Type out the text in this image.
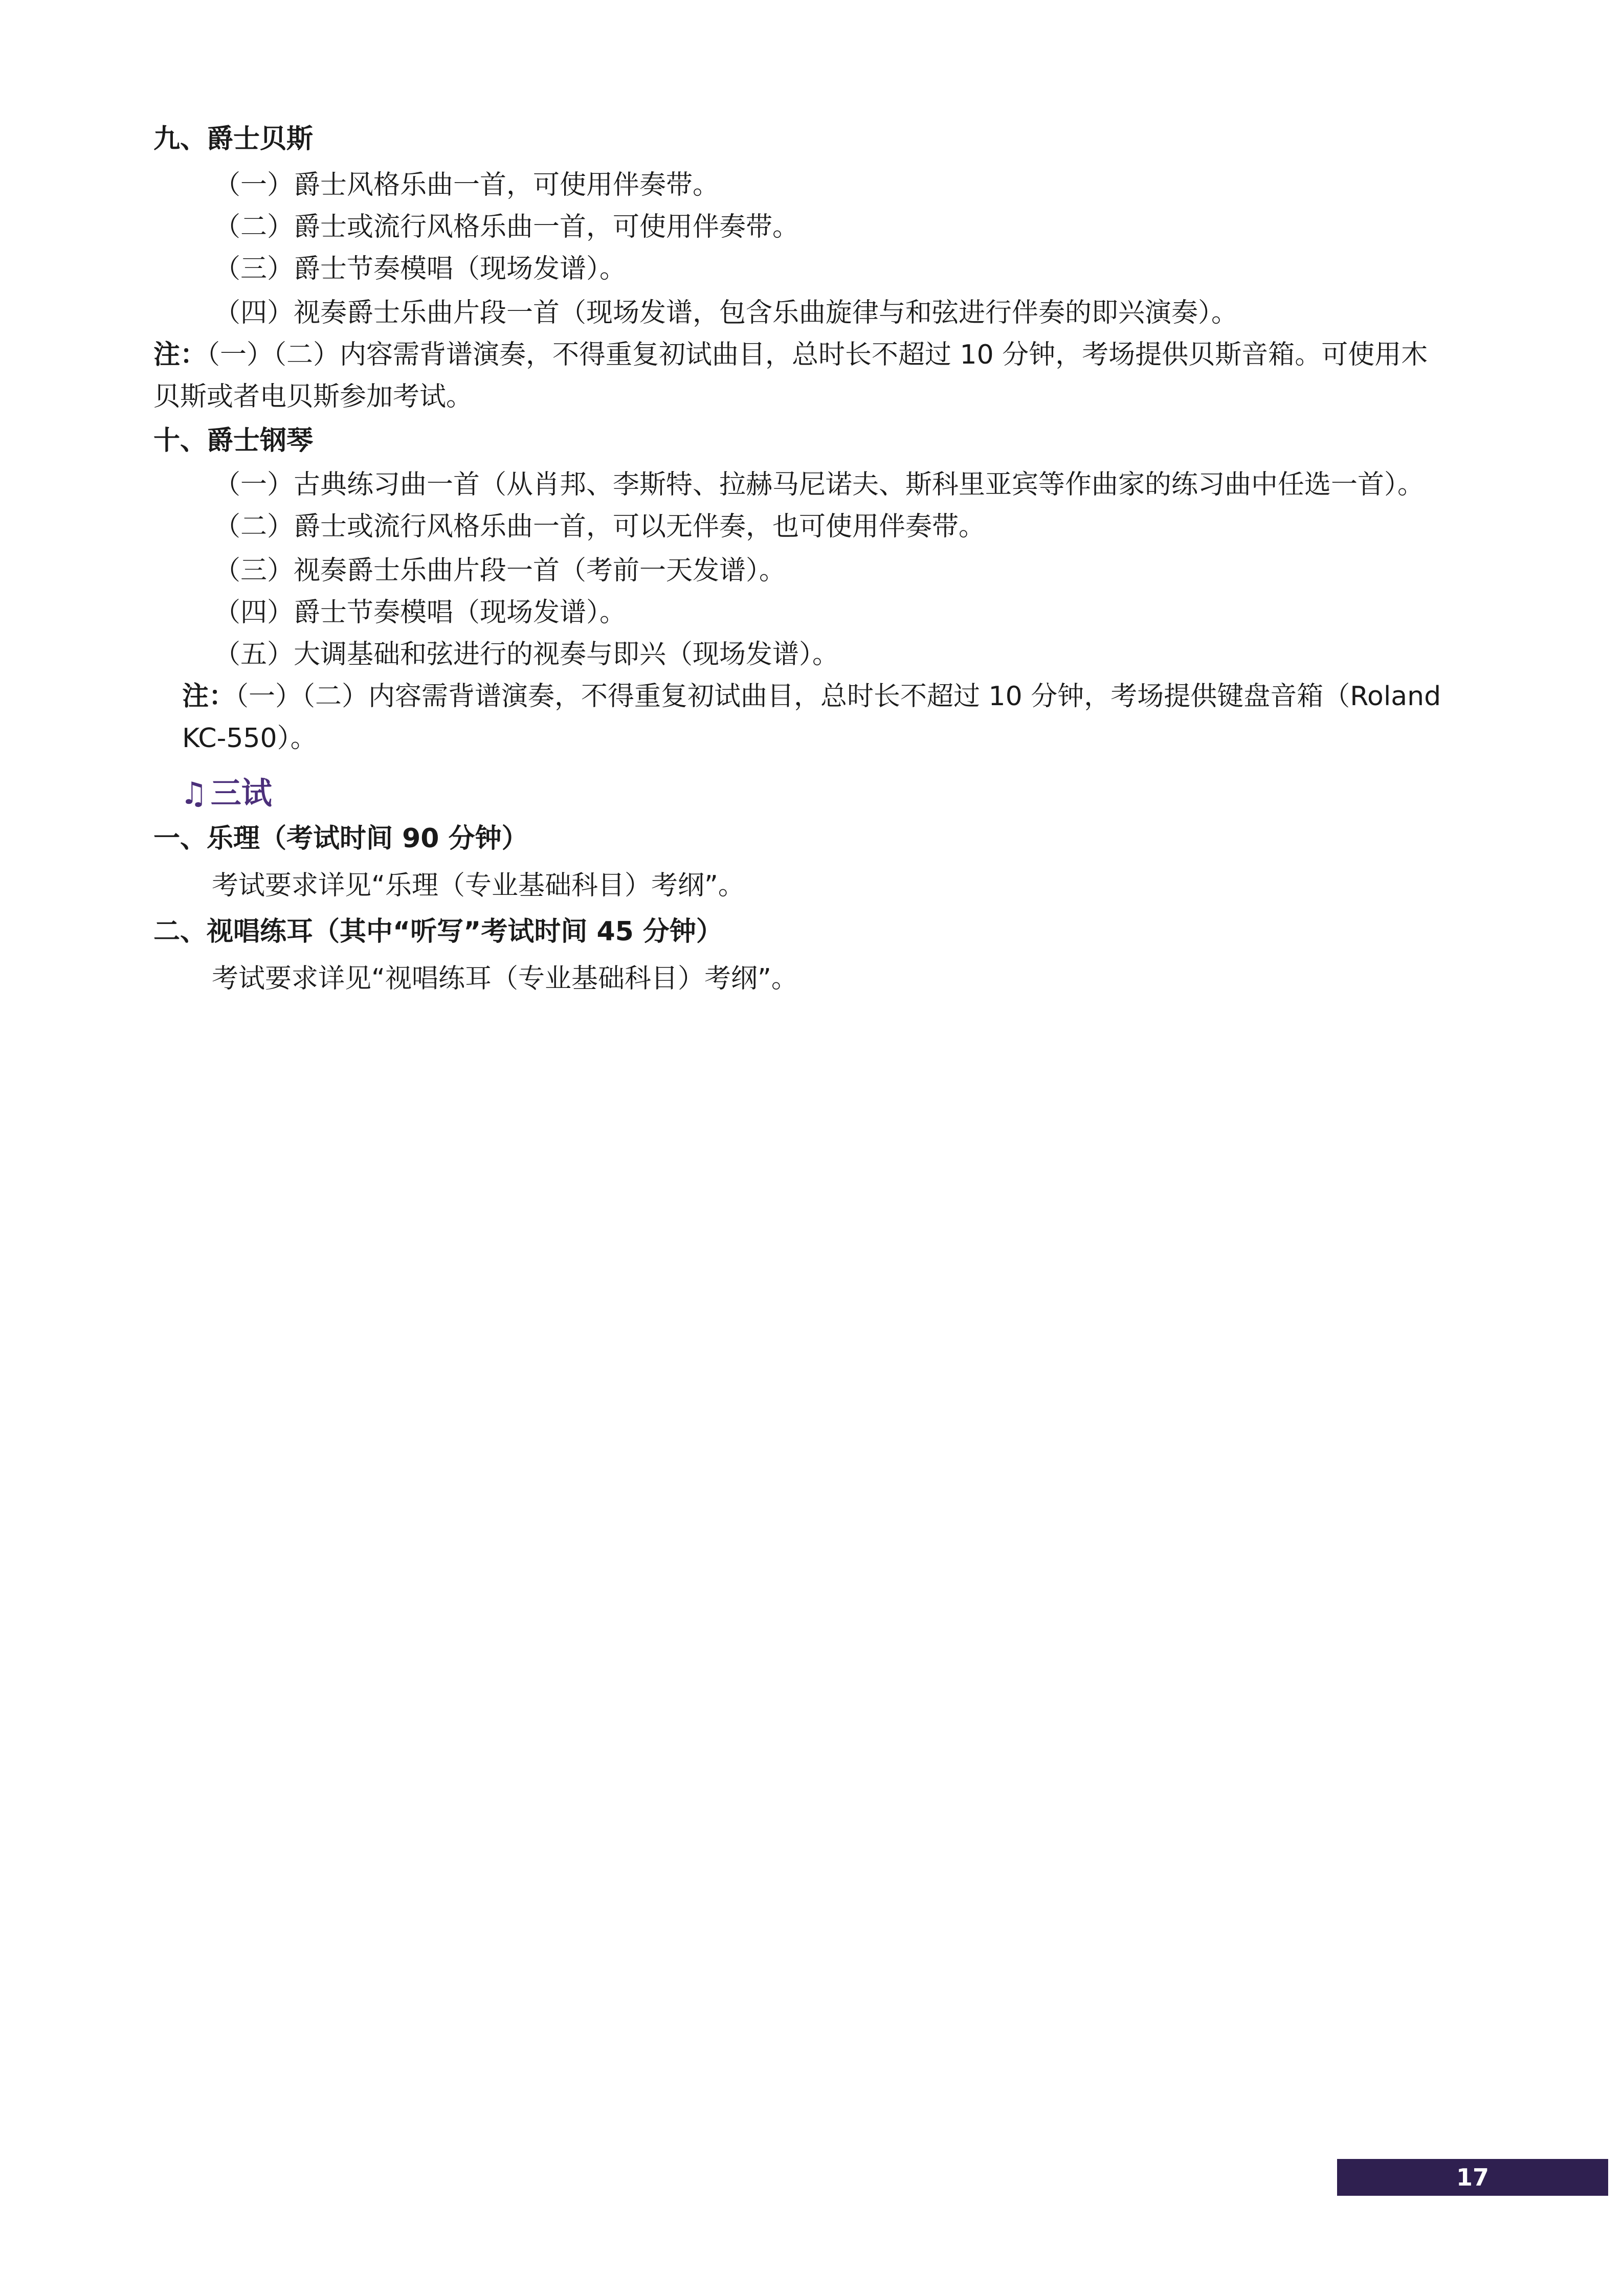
九、爵士贝斯
（一）爵士风格乐曲一首，可使用伴奏带。
（二）爵士或流行风格乐曲一首，可使用伴奏带。
（三）爵士节奏模唱（现场发谱）。
（四）视奏爵士乐曲片段一首（现场发谱，包含乐曲旋律与和弦进行伴奏的即兴演奏）。
注：（一）（二）内容需背谱演奏，不得重复初试曲目，总时长不超过 10 分钟，考场提供贝斯音箱。可使用木
贝斯或者电贝斯参加考试。
十、爵士钢琴
（一）古典练习曲一首（从肖邦、李斯特、拉赫马尼诺夫、斯科里亚宾等作曲家的练习曲中任选一首）。
（二）爵士或流行风格乐曲一首，可以无伴奏，也可使用伴奏带。
（三）视奏爵士乐曲片段一首（考前一天发谱）。
（四）爵士节奏模唱（现场发谱）。
（五）大调基础和弦进行的视奏与即兴（现场发谱）。
注：（一）（二）内容需背谱演奏，不得重复初试曲目，总时长不超过 10 分钟，考场提供键盘音箱（Roland
KC-550）。
♫ 三试
一、乐理（考试时间 90 分钟）
考试要求详见“乐理（专业基础科目）考纲”。
二、视唱练耳（其中“听写”考试时间 45 分钟）
考试要求详见“视唱练耳（专业基础科目）考纲”。
17
